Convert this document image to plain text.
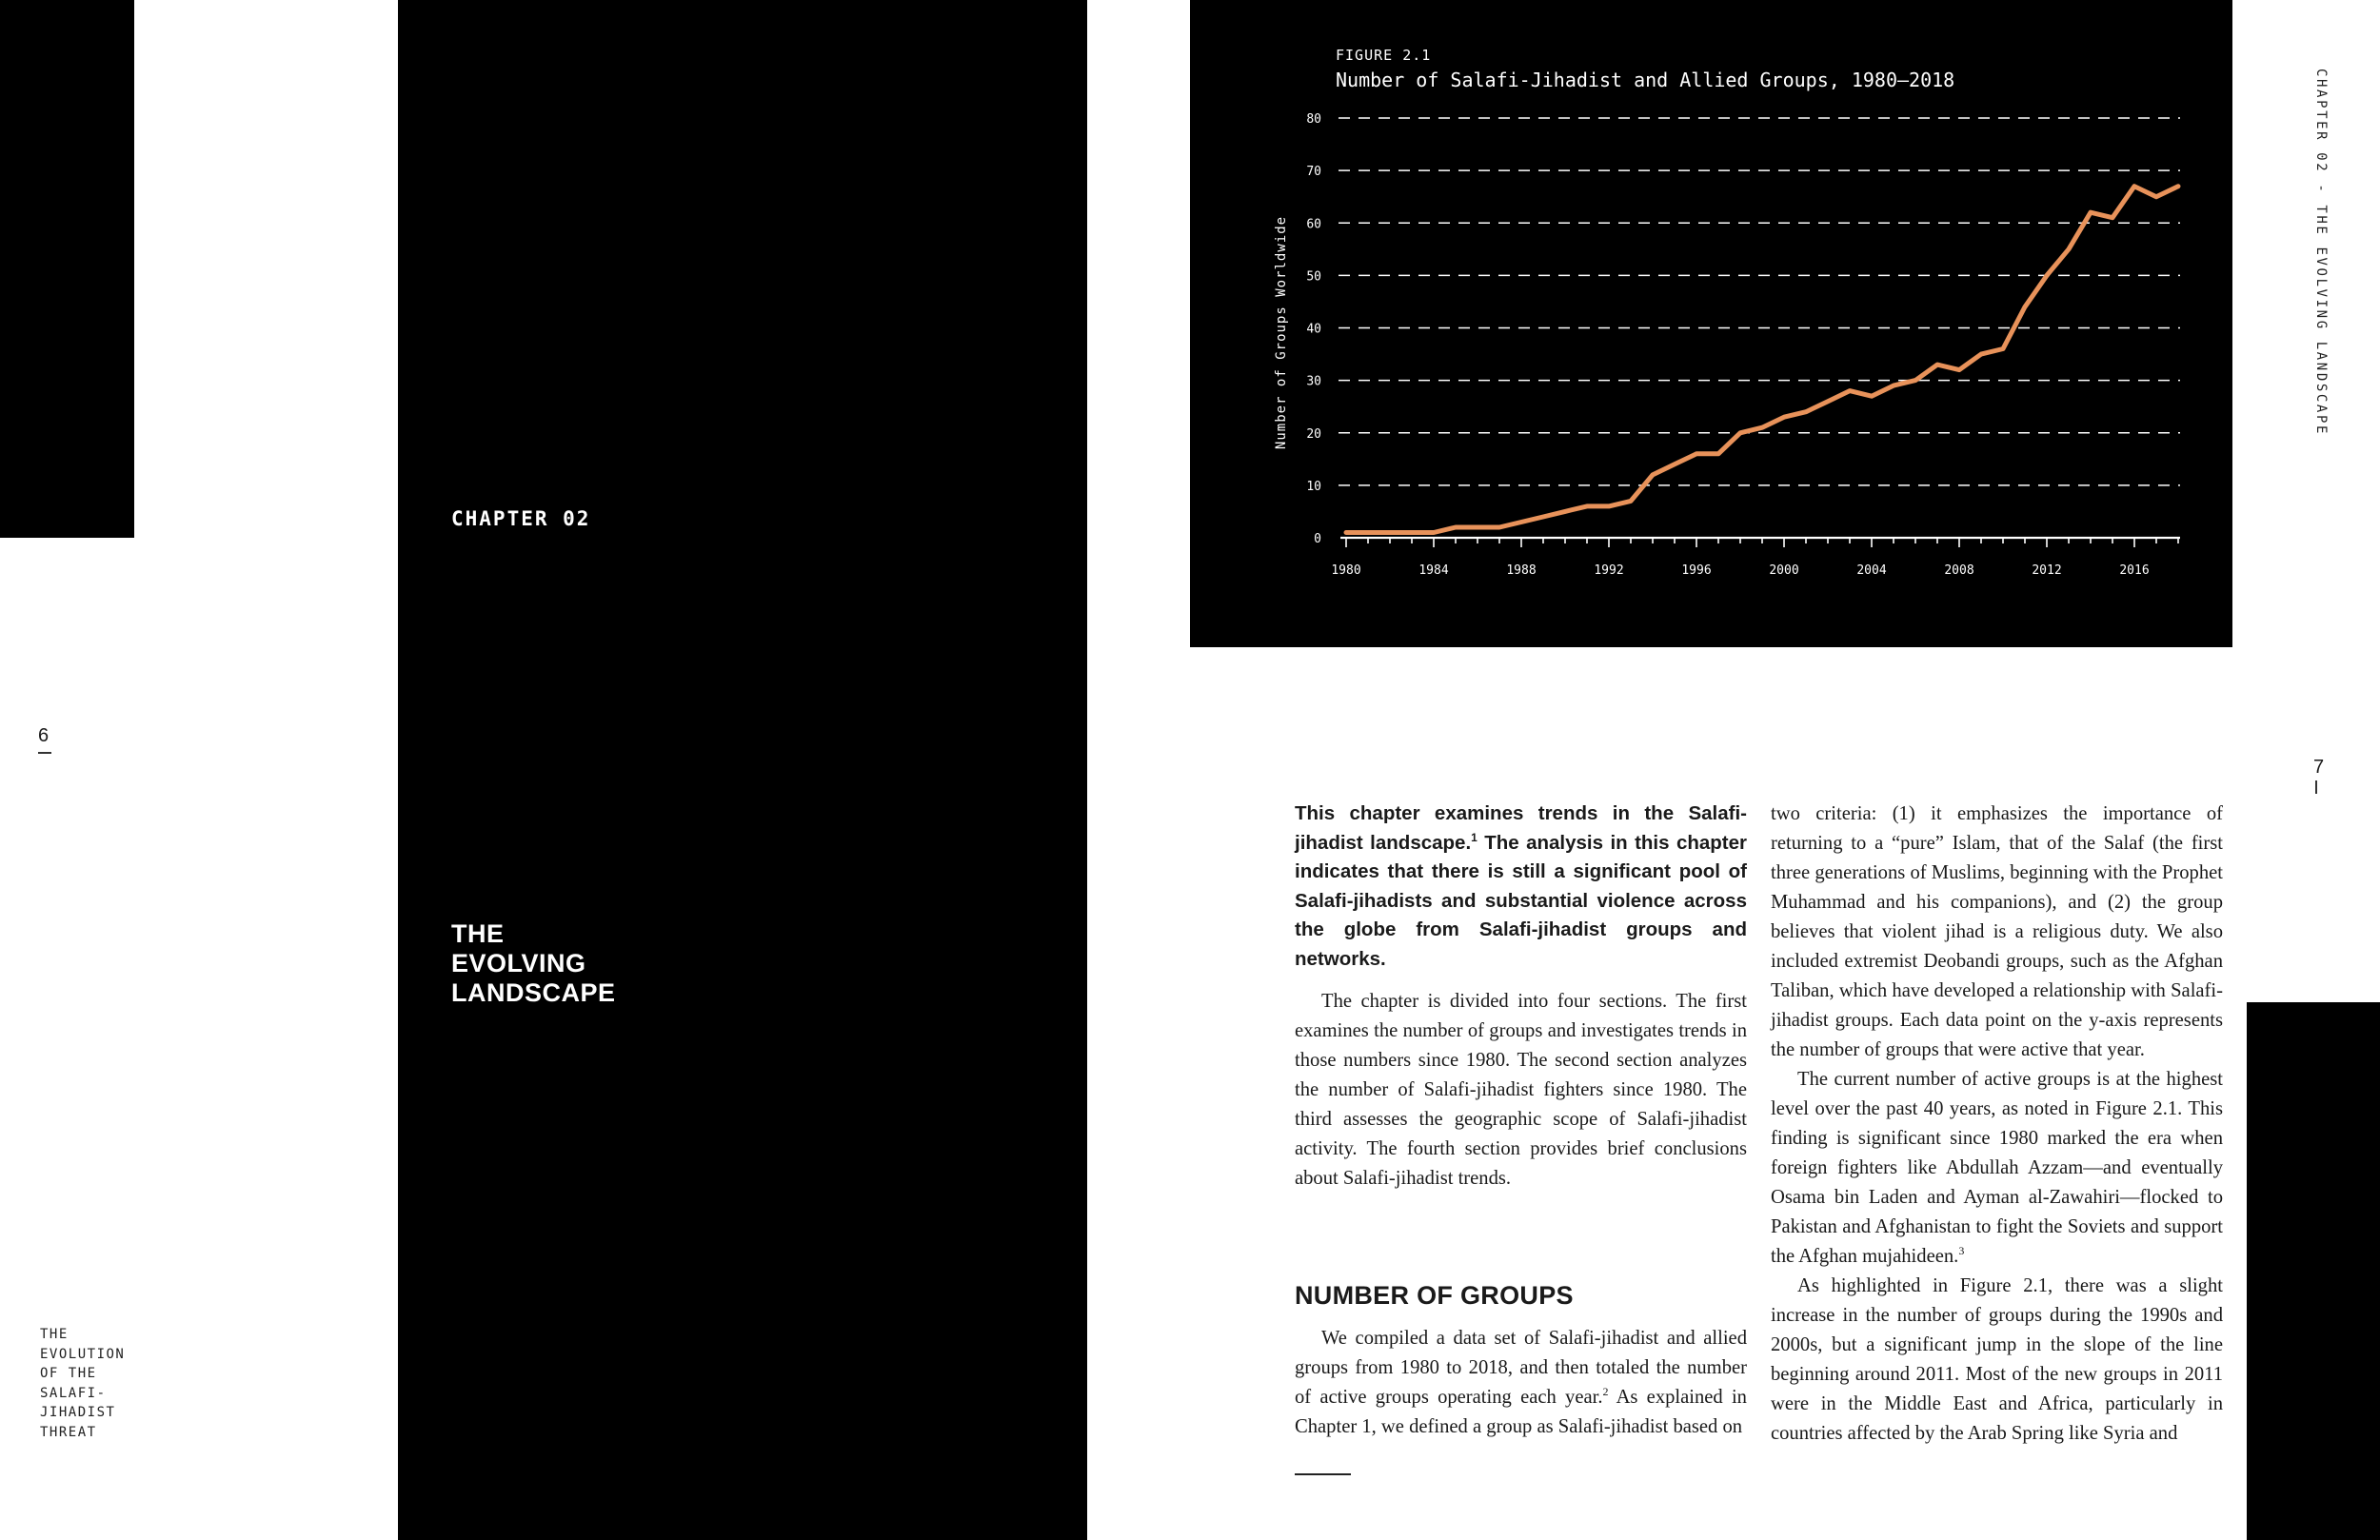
6
THE
EVOLUTION
OF THE
SALAFI-
JIHADIST
THREAT
CHAPTER 02
THE
EVOLVING
LANDSCAPE
CHAPTER 02 - THE EVOLVING LANDSCAPE
7
FIGURE 2.1
Number of Salafi-Jihadist and Allied Groups, 1980–2018
Number of Groups Worldwide
0
10
20
30
40
50
60
70
80
1980	1984	1988	1992	1996	2000	2004	2008	2012	2016
This chapter examines trends in the Salafi-jihadist landscape.$^1$ The analysis in this chapter indicates that there is still a significant pool of Salafi-jihadists and substantial violence across the globe from Salafi-jihadist groups and networks.
The chapter is divided into four sections. The first examines the number of groups and investigates trends in those numbers since 1980. The second section analyzes the number of Salafi-jihadist fighters since 1980. The third assesses the geographic scope of Salafi-jihadist activity. The fourth section provides brief conclusions about Salafi-jihadist trends.
NUMBER OF GROUPS
We compiled a data set of Salafi-jihadist and allied groups from 1980 to 2018, and then totaled the number of active groups operating each year.$^2$ As explained in Chapter 1, we defined a group as Salafi-jihadist based on

two criteria: (1) it emphasizes the importance of returning to a “pure” Islam, that of the Salaf (the first three generations of Muslims, beginning with the Prophet Muhammad and his companions), and (2) the group believes that violent jihad is a religious duty. We also included extremist Deobandi groups, such as the Afghan Taliban, which have developed a relationship with Salafi-jihadist groups. Each data point on the y-axis represents the number of groups that were active that year.

The current number of active groups is at the highest level over the past 40 years, as noted in Figure 2.1. This finding is significant since 1980 marked the era when foreign fighters like Abdullah Azzam—and eventually Osama bin Laden and Ayman al-Zawahiri—flocked to Pakistan and Afghanistan to fight the Soviets and support the Afghan mujahideen.$^3$

As highlighted in Figure 2.1, there was a slight increase in the number of groups during the 1990s and 2000s, but a significant jump in the slope of the line beginning around 2011. Most of the new groups in 2011 were in the Middle East and Africa, particularly in countries affected by the Arab Spring like Syria and
